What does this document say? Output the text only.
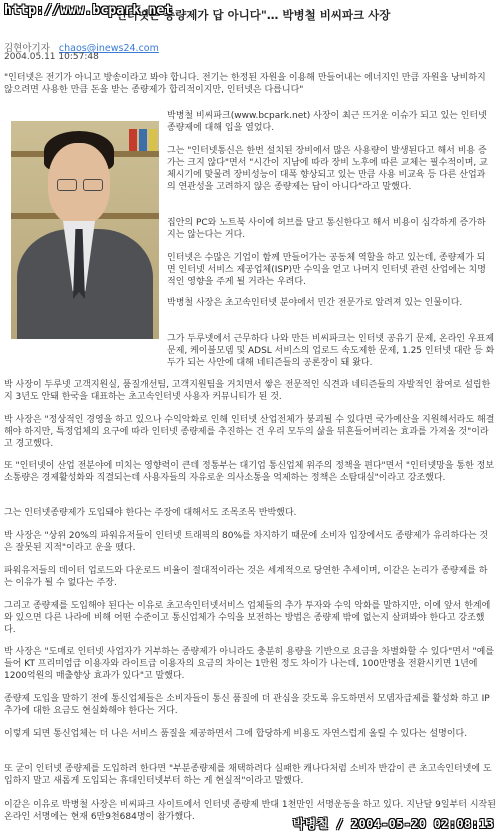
http://www.bcpark.net
"인터넷은 종량제가 답 아니다"… 박병철 비씨파크 사장
김현아기자 chaos@inews24.com
2004.05.11 10:57:48
"인터넷은 전기가 아니고 방송이라고 봐야 합니다. 전기는 한정된 자원을 이용해 만들어내는 에너지인 만큼 자원을 낭비하지 않으려면 사용한 만큼 돈을 받는 종량제가 합리적이지만, 인터넷은 다릅니다"
박병철 비씨파크(www.bcpark.net) 사장이 최근 뜨거운 이슈가 되고 있는 인터넷 종량제에 대해 입을 열었다.
그는 "인터넷통신은 한번 설치된 장비에서 많은 사용량이 발생된다고 해서 비용 증가는 크지 않다"면서 "시간이 지남에 따라 장비 노후에 따른 교체는 필수적이며, 교체시기에 맞물려 장비성능이 대폭 향상되고 있는 만큼 사용 비교육 등 다른 산업과의 연관성을 고려하지 않은 종량제는 답이 아니다"라고 말했다.
집안의 PC와 노트북 사이에 허브를 달고 통신한다고 해서 비용이 심각하게 증가하지는 않는다는 거다.
인터넷은 수많은 기업이 함께 만들어가는 공동체 역할을 하고 있는데, 종량제가 되면 인터넷 서비스 제공업체(ISP)만 수익을 얻고 나머지 인터넷 관련 산업에는 치명적인 영향을 주게 될 거라는 우려다.
박병철 사장은 초고속인터넷 분야에서 민간 전문가로 알려져 있는 인물이다.
그가 두루넷에서 근무하다 나와 만든 비씨파크는 인터넷 공유기 문제, 온라인 우표제 문제, 케이블모뎀 및 ADSL 서비스의 업로드 속도제한 문제, 1.25 인터넷 대란 등 화두가 되는 사안에 대해 네티즌들의 공론장이 돼 왔다.
박 사장이 두루넷 고객지원실, 품질개선팀, 고객지원팀을 거치면서 쌓은 전문적인 식견과 네티즌들의 자발적인 참여로 설립한 지 3년도 안돼 한국을 대표하는 초고속인터넷 사용자 커뮤니티가 된 것.
박 사장은 "정상적인 경영을 하고 있으나 수익악화로 인해 인터넷 산업전체가 붕괴될 수 있다면 국가예산을 지원해서라도 해결해야 하지만, 특정업체의 요구에 따라 인터넷 종량제를 추진하는 건 우리 모두의 삶을 뒤흔들어버리는 효과를 가져올 것"이라고 경고했다.
또 "인터넷이 산업 전분야에 미치는 영향력이 큰데 정통부는 대기업 통신업체 위주의 정책을 편다"면서 "인터넷망을 통한 정보소통량은 경제활성화와 직결되는데 사용자들의 자유로운 의사소통을 억제하는 정책은 소탐대실"이라고 강조했다.
그는 인터넷종량제가 도입돼야 한다는 주장에 대해서도 조목조목 반박했다.
박 사장은 "상위 20%의 파워유저들이 인터넷 트래픽의 80%를 차지하기 때문에 소비자 입장에서도 종량제가 유리하다는 것은 잘못된 지적"이라고 운을 뗐다.
파워유저들의 데이터 업로드와 다운로드 비율이 절대적이라는 것은 세계적으로 당연한 추세이며, 이같은 논리가 종량제를 하는 이유가 될 수 없다는 주장.
그리고 종량제를 도입해야 된다는 이유로 초고속인터넷서비스 업체들의 추가 투자와 수익 악화를 말하지만, 이에 앞서 한계에 와 있으면 다른 나라에 비해 어떤 수준이고 통신업체가 수익을 보전하는 방법은 종량제 밖에 없는지 살펴봐야 한다고 강조했다.
박 사장은 "도매로 인터넷 사업자가 거부하는 종량제가 아니라도 충분히 용량을 기반으로 요금을 차별화할 수 있다"면서 "예를 들어 KT 프리미엄급 이용자와 라이트급 이용자의 요금의 차이는 1만원 정도 차이가 나는데, 100만명을 전환시키면 1년에 1200억원의 매출향상 효과가 있다"고 말했다.
종량제 도입을 말하기 전에 통신업체들은 소비자들이 통신 품질에 더 관심을 갖도록 유도하면서 모뎀자급제를 활성화 하고 IP추가에 대한 요금도 현실화해야 한다는 거다.
이렇게 되면 통신업체는 더 나은 서비스 품질을 제공하면서 그에 합당하게 비용도 자연스럽게 올릴 수 있다는 설명이다.
또 굳이 인터넷 종량제를 도입하려 한다면 "부분종량제를 채택하려다 실패한 캐나다처럼 소비자 반감이 큰 초고속인터넷에 도입하지 말고 새롭게 도입되는 휴대인터넷부터 하는 게 현실적"이라고 말했다.
이같은 이유로 박병철 사장은 비씨파크 사이트에서 인터넷 종량제 반대 1천만인 서명운동을 하고 있다. 지난달 9일부터 시작된 온라인 서명에는 현재 6만9천684명이 참가했다.	박병철 / 2004-05-20 02:08:13
